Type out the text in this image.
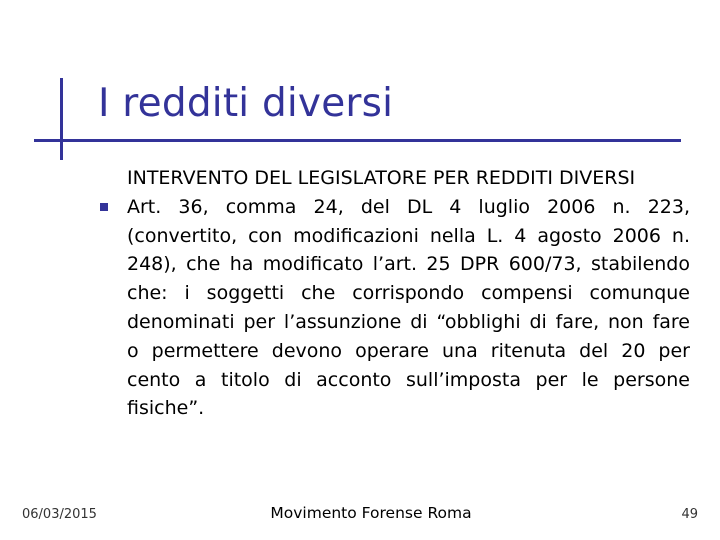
I redditi diversi

INTERVENTO DEL LEGISLATORE PER REDDITI DIVERSI

Art. 36, comma 24, del DL 4 luglio 2006 n. 223, (convertito, con modificazioni nella L. 4 agosto 2006 n. 248), che ha modificato l’art. 25 DPR 600/73, stabilendo che: i soggetti che corrispondo compensi comunque denominati per l’assunzione di “obblighi di fare, non fare o permettere devono operare una ritenuta del 20 per cento a titolo di acconto sull’imposta per le persone fisiche”.

06/03/2015	Movimento Forense Roma	49
